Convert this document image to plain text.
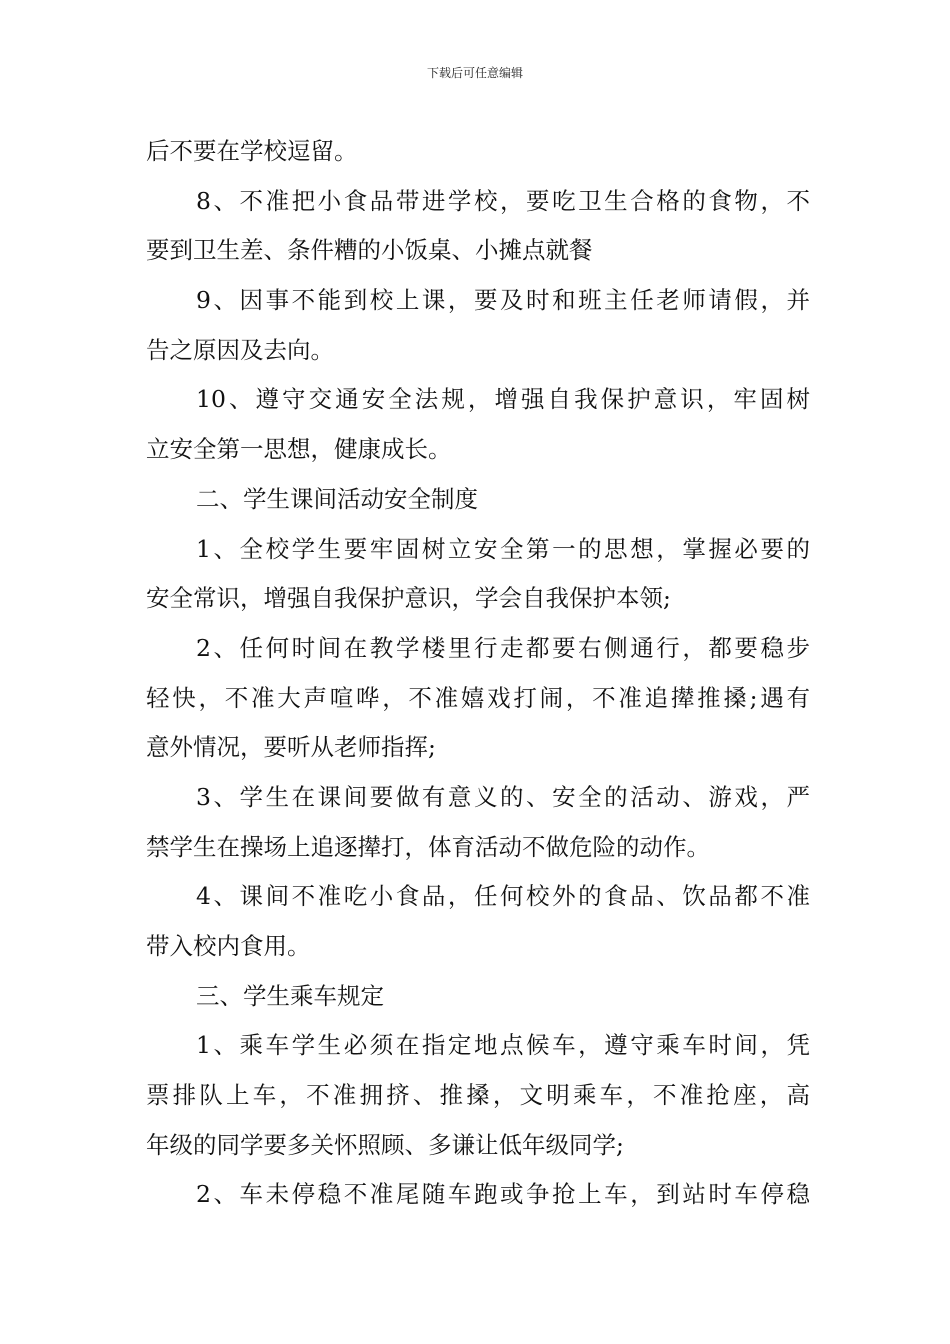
下载后可任意编辑
后不要在学校逗留。
8、不准把小食品带进学校，要吃卫生合格的食物，不
要到卫生差、条件糟的小饭桌、小摊点就餐
9、因事不能到校上课，要及时和班主任老师请假，并
告之原因及去向。
10、遵守交通安全法规，增强自我保护意识，牢固树
立安全第一思想，健康成长。
二、学生课间活动安全制度
1、全校学生要牢固树立安全第一的思想，掌握必要的
安全常识，增强自我保护意识，学会自我保护本领;
2、任何时间在教学楼里行走都要右侧通行，都要稳步
轻快，不准大声喧哗，不准嬉戏打闹，不准追撵推搡;遇有
意外情况，要听从老师指挥;
3、学生在课间要做有意义的、安全的活动、游戏，严
禁学生在操场上追逐撵打，体育活动不做危险的动作。
4、课间不准吃小食品，任何校外的食品、饮品都不准
带入校内食用。
三、学生乘车规定
1、乘车学生必须在指定地点候车，遵守乘车时间，凭
票排队上车，不准拥挤、推搡，文明乘车，不准抢座，高
年级的同学要多关怀照顾、多谦让低年级同学;
2、车未停稳不准尾随车跑或争抢上车，到站时车停稳
